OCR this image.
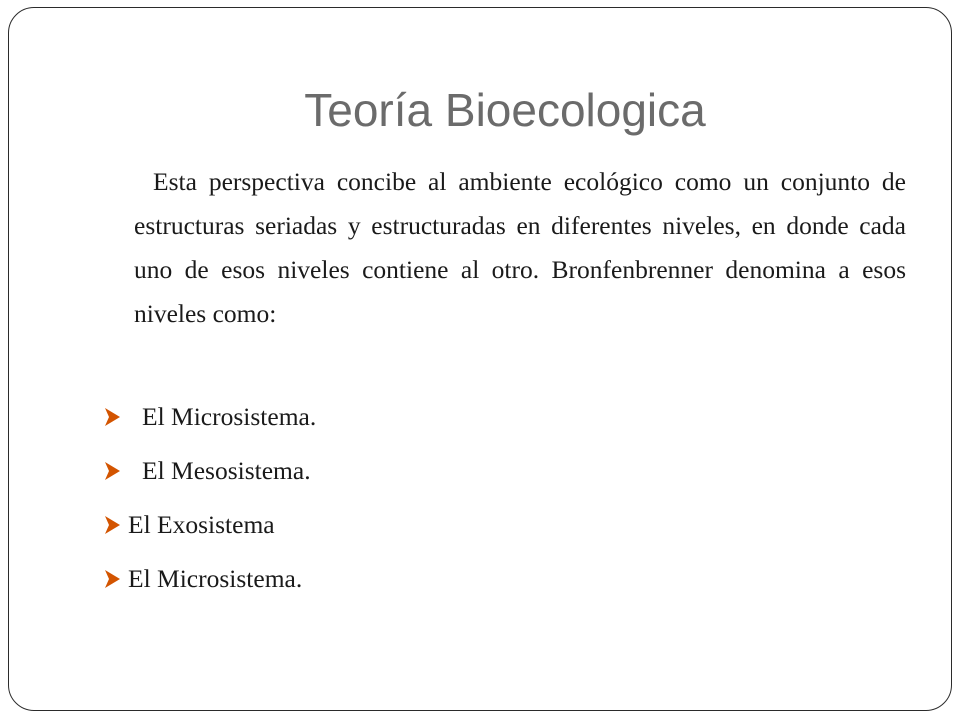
Teoría Bioecologica
Esta perspectiva concibe al ambiente ecológico como un conjunto de estructuras seriadas y estructuradas en diferentes niveles, en donde cada uno de esos niveles contiene al otro. Bronfenbrenner denomina a esos niveles como:
El Microsistema.
El Mesosistema.
El Exosistema
El Microsistema.
